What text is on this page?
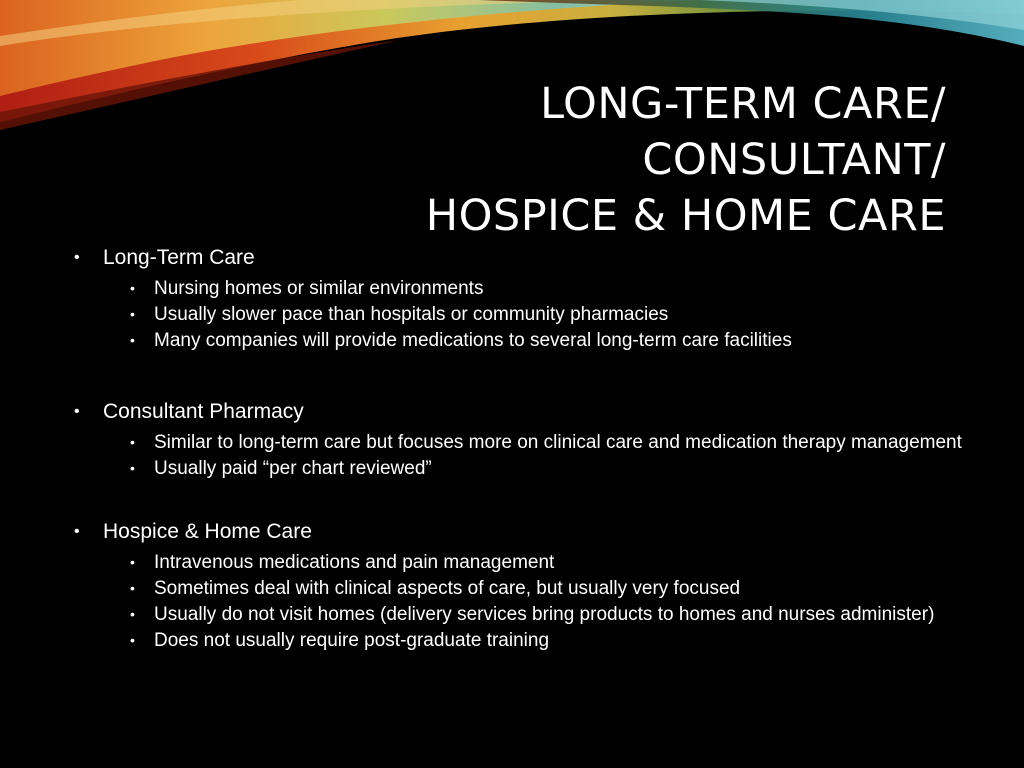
LONG-TERM CARE/
CONSULTANT/
HOSPICE & HOME CARE
• Long-Term Care
• Nursing homes or similar environments
• Usually slower pace than hospitals or community pharmacies
• Many companies will provide medications to several long-term care facilities
• Consultant Pharmacy
• Similar to long-term care but focuses more on clinical care and medication therapy management
• Usually paid “per chart reviewed”
• Hospice & Home Care
• Intravenous medications and pain management
• Sometimes deal with clinical aspects of care, but usually very focused
• Usually do not visit homes (delivery services bring products to homes and nurses administer)
• Does not usually require post-graduate training
